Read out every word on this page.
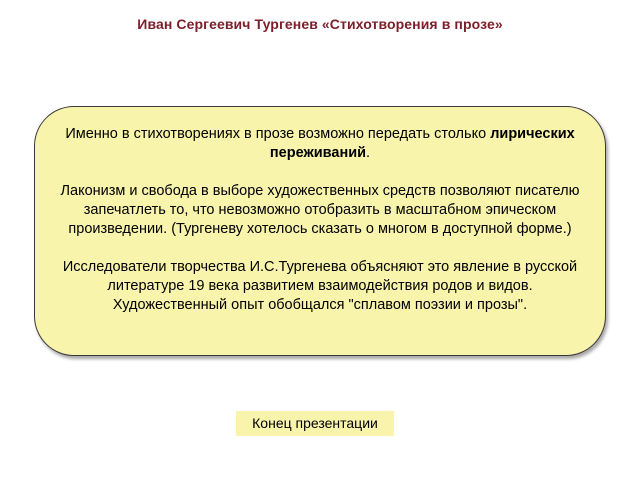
Иван Сергеевич Тургенев «Стихотворения в прозе»

Именно в стихотворениях в прозе возможно передать столько лирических переживаний.

Лаконизм и свобода в выборе художественных средств позволяют писателю запечатлеть то, что невозможно отобразить в масштабном эпическом произведении. (Тургеневу хотелось сказать о многом в доступной форме.)

Исследователи творчества И.С.Тургенева объясняют это явление в русской литературе 19 века развитием взаимодействия родов и видов. Художественный опыт обобщался "сплавом поэзии и прозы".

Конец презентации
